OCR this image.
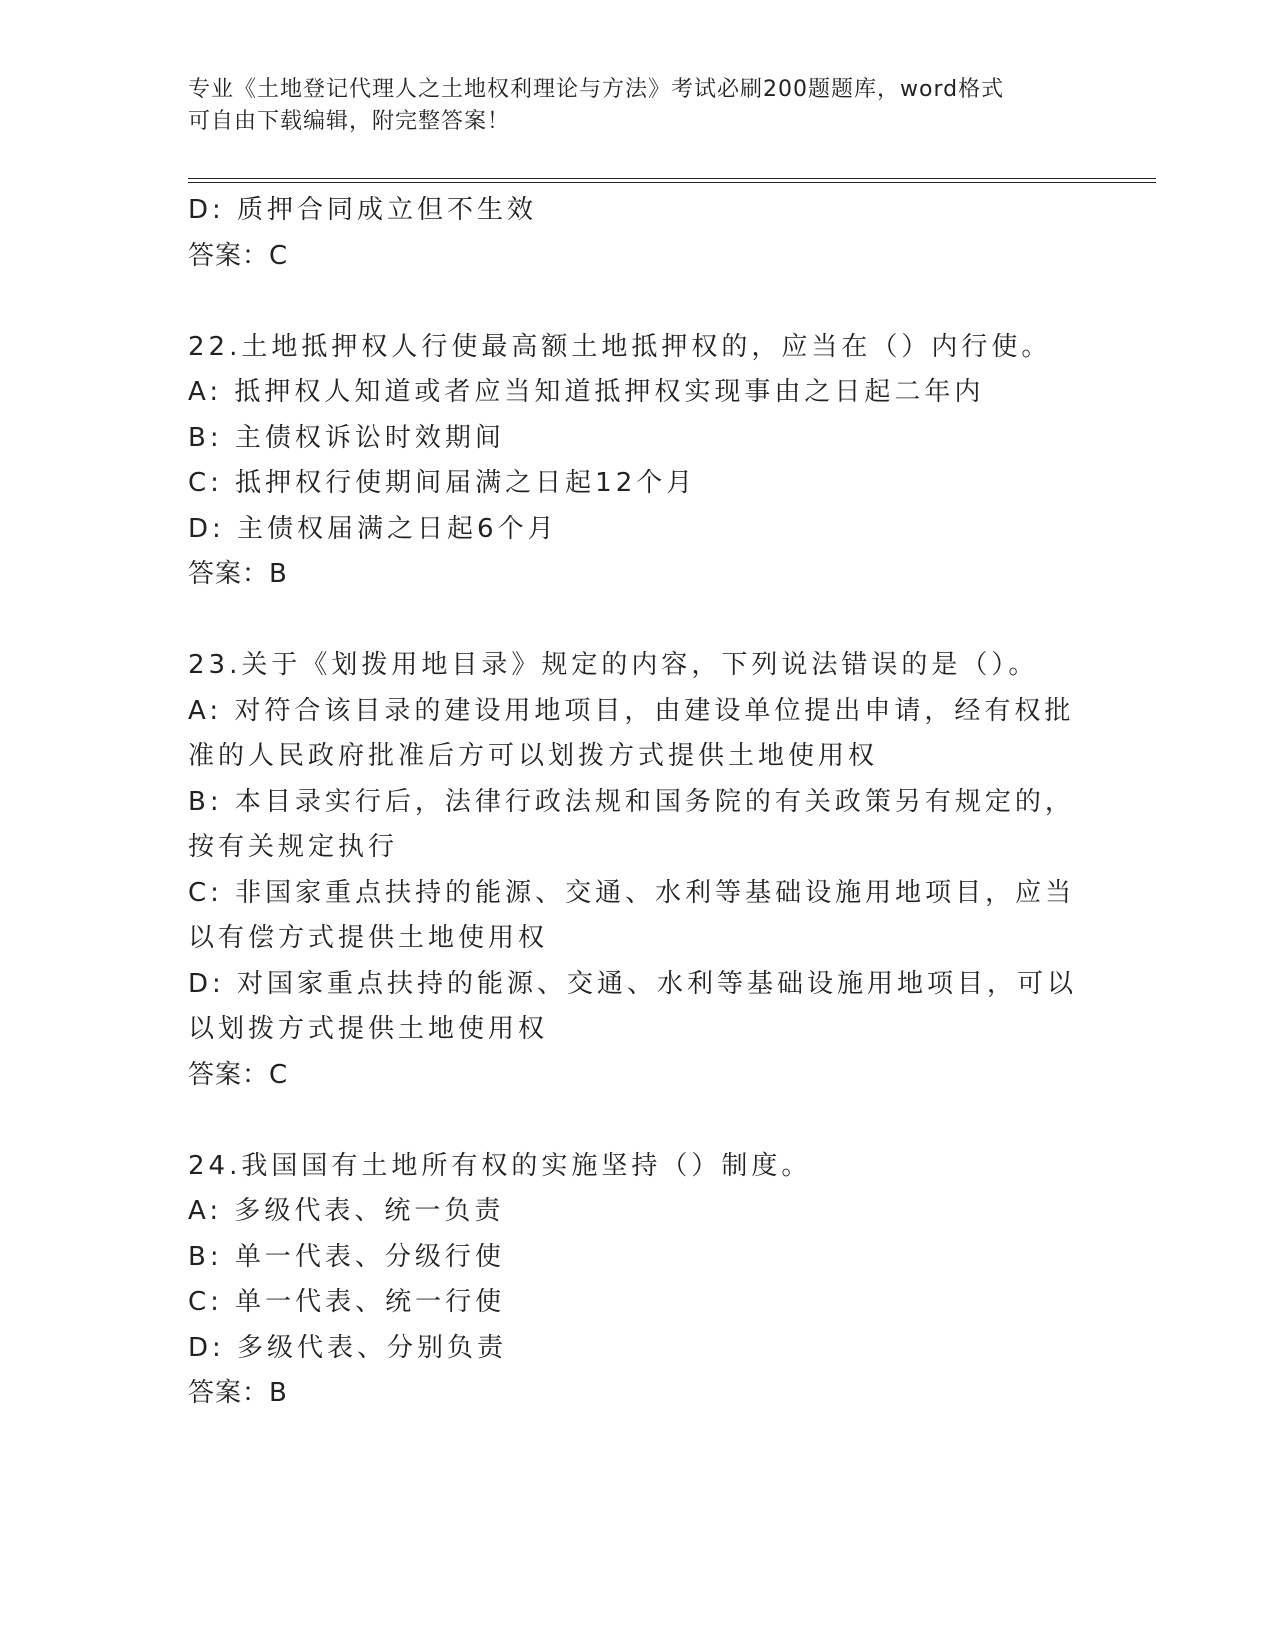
专业《土地登记代理人之土地权利理论与方法》考试必刷200题题库，word格式
可自由下载编辑，附完整答案！
D: 质押合同成立但不生效
答案：C
22.土地抵押权人行使最高额土地抵押权的，应当在（）内行使。
A: 抵押权人知道或者应当知道抵押权实现事由之日起二年内
B: 主债权诉讼时效期间
C: 抵押权行使期间届满之日起12个月
D: 主债权届满之日起6个月
答案：B
23.关于《划拨用地目录》规定的内容，下列说法错误的是（）。
A: 对符合该目录的建设用地项目，由建设单位提出申请，经有权批准的人民政府批准后方可以划拨方式提供土地使用权
B: 本目录实行后，法律行政法规和国务院的有关政策另有规定的，按有关规定执行
C: 非国家重点扶持的能源、交通、水利等基础设施用地项目，应当以有偿方式提供土地使用权
D: 对国家重点扶持的能源、交通、水利等基础设施用地项目，可以以划拨方式提供土地使用权
答案：C
24.我国国有土地所有权的实施坚持（）制度。
A: 多级代表、统一负责
B: 单一代表、分级行使
C: 单一代表、统一行使
D: 多级代表、分别负责
答案：B
